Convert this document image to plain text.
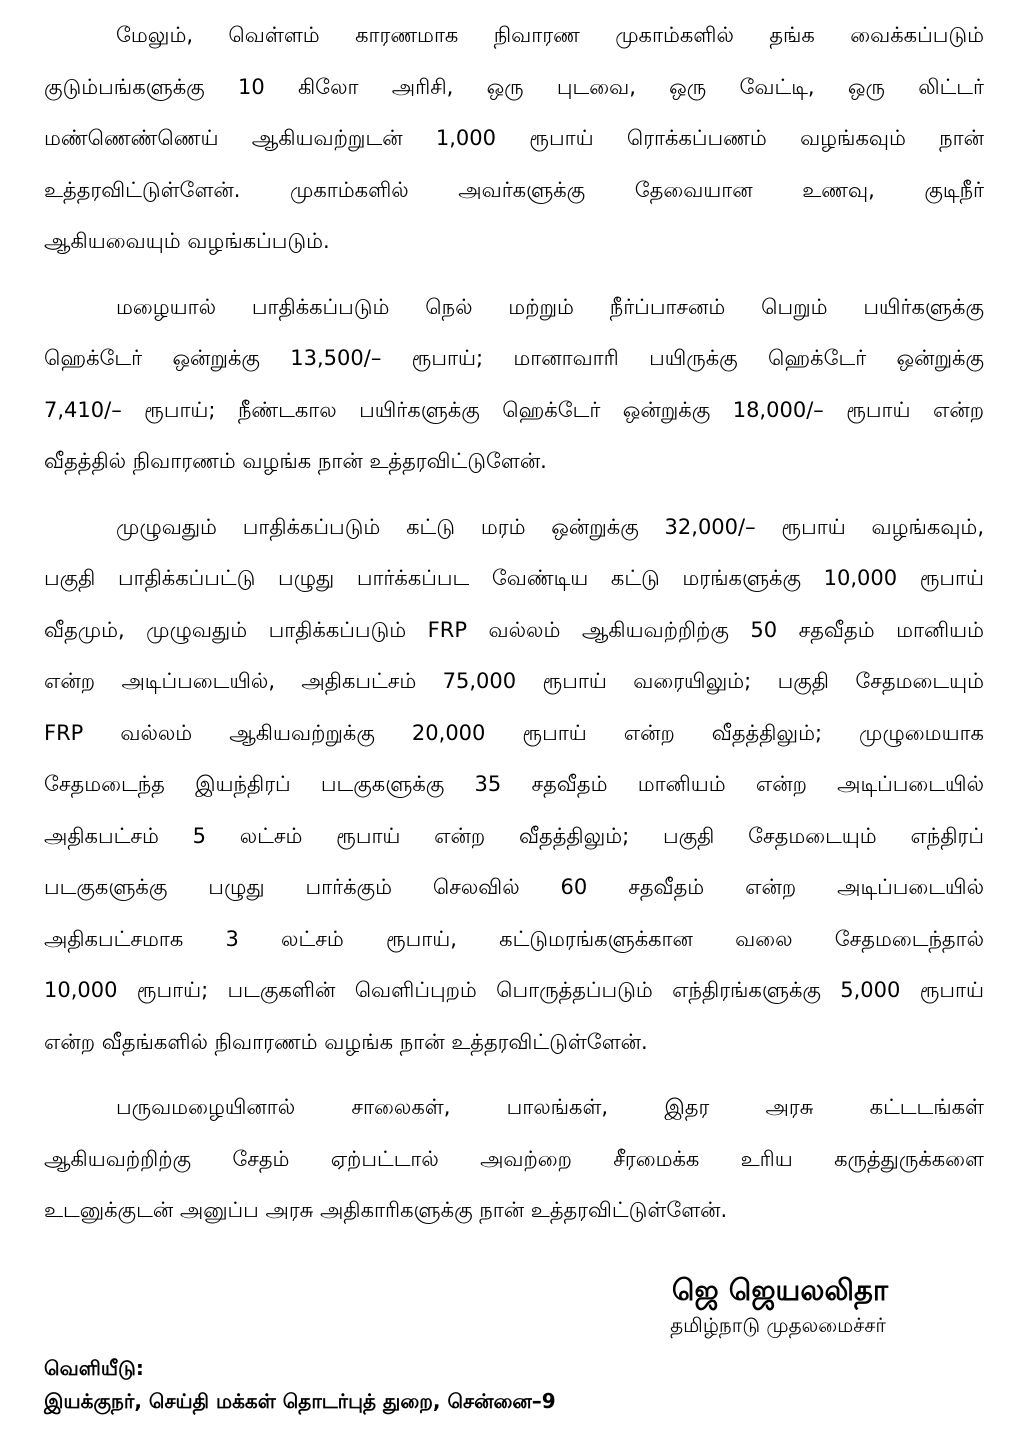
மேலும், வெள்ளம் காரணமாக நிவாரண முகாம்களில் தங்க வைக்கப்படும்
குடும்பங்களுக்கு 10 கிலோ அரிசி, ஒரு புடவை, ஒரு வேட்டி, ஒரு லிட்டர்
மண்ணெண்ணெய் ஆகியவற்றுடன் 1,000 ரூபாய் ரொக்கப்பணம் வழங்கவும் நான்
உத்தரவிட்டுள்ளேன். முகாம்களில் அவர்களுக்கு தேவையான உணவு, குடிநீர்
ஆகியவையும் வழங்கப்படும்.
மழையால் பாதிக்கப்படும் நெல் மற்றும் நீர்ப்பாசனம் பெறும் பயிர்களுக்கு
ஹெக்டேர் ஒன்றுக்கு 13,500/– ரூபாய்; மானாவாரி பயிருக்கு ஹெக்டேர் ஒன்றுக்கு
7,410/– ரூபாய்; நீண்டகால பயிர்களுக்கு ஹெக்டேர் ஒன்றுக்கு 18,000/– ரூபாய் என்ற
வீதத்தில் நிவாரணம் வழங்க நான் உத்தரவிட்டுளேன்.
முழுவதும் பாதிக்கப்படும் கட்டு மரம் ஒன்றுக்கு 32,000/– ரூபாய் வழங்கவும்,
பகுதி பாதிக்கப்பட்டு பழுது பார்க்கப்பட வேண்டிய கட்டு மரங்களுக்கு 10,000 ரூபாய்
வீதமும், முழுவதும் பாதிக்கப்படும் FRP வல்லம் ஆகியவற்றிற்கு 50 சதவீதம் மானியம்
என்ற அடிப்படையில், அதிகபட்சம் 75,000 ரூபாய் வரையிலும்; பகுதி சேதமடையும்
FRP வல்லம் ஆகியவற்றுக்கு 20,000 ரூபாய் என்ற வீதத்திலும்; முழுமையாக
சேதமடைந்த இயந்திரப் படகுகளுக்கு 35 சதவீதம் மானியம் என்ற அடிப்படையில்
அதிகபட்சம் 5 லட்சம் ரூபாய் என்ற வீதத்திலும்; பகுதி சேதமடையும் எந்திரப்
படகுகளுக்கு பழுது பார்க்கும் செலவில் 60 சதவீதம் என்ற அடிப்படையில்
அதிகபட்சமாக 3 லட்சம் ரூபாய், கட்டுமரங்களுக்கான வலை சேதமடைந்தால்
10,000 ரூபாய்; படகுகளின் வெளிப்புறம் பொருத்தப்படும் எந்திரங்களுக்கு 5,000 ரூபாய்
என்ற வீதங்களில் நிவாரணம் வழங்க நான் உத்தரவிட்டுள்ளேன்.
பருவமழையினால் சாலைகள், பாலங்கள், இதர அரசு கட்டடங்கள்
ஆகியவற்றிற்கு சேதம் ஏற்பட்டால் அவற்றை சீரமைக்க உரிய கருத்துருக்களை
உடனுக்குடன் அனுப்ப அரசு அதிகாரிகளுக்கு நான் உத்தரவிட்டுள்ளேன்.
ஜெ ஜெயலலிதா
தமிழ்நாடு முதலமைச்சர்
வெளியீடு:
இயக்குநர், செய்தி மக்கள் தொடர்புத் துறை, சென்னை–9
